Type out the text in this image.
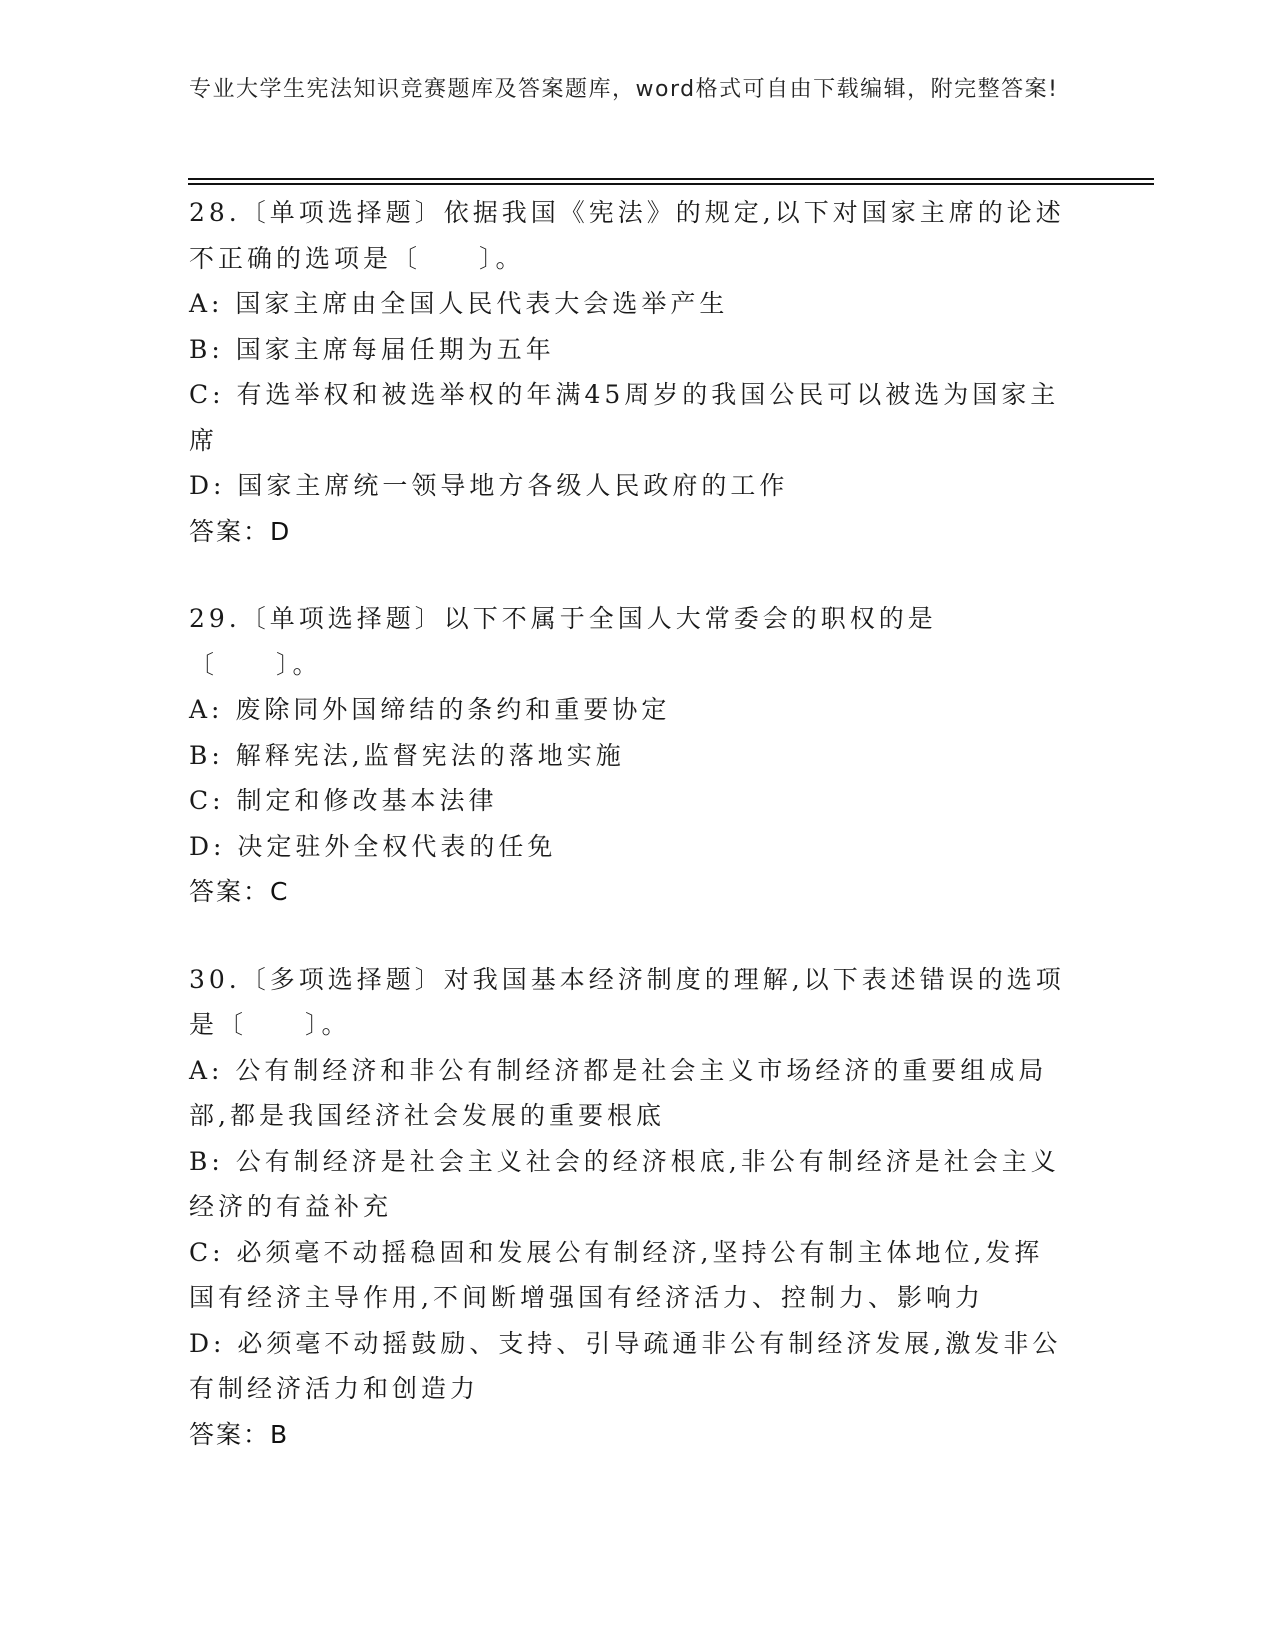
专业大学生宪法知识竞赛题库及答案题库，word格式可自由下载编辑，附完整答案!

28.〔单项选择题〕依据我国《宪法》的规定,以下对国家主席的论述不正确的选项是〔　　〕。

A: 国家主席由全国人民代表大会选举产生

B: 国家主席每届任期为五年

C: 有选举权和被选举权的年满45周岁的我国公民可以被选为国家主席

D: 国家主席统一领导地方各级人民政府的工作

答案：D

29.〔单项选择题〕以下不属于全国人大常委会的职权的是〔　　〕。

A: 废除同外国缔结的条约和重要协定

B: 解释宪法,监督宪法的落地实施

C: 制定和修改基本法律

D: 决定驻外全权代表的任免

答案：C

30.〔多项选择题〕对我国基本经济制度的理解,以下表述错误的选项是〔　　〕。

A: 公有制经济和非公有制经济都是社会主义市场经济的重要组成局部,都是我国经济社会发展的重要根底

B: 公有制经济是社会主义社会的经济根底,非公有制经济是社会主义经济的有益补充

C: 必须毫不动摇稳固和发展公有制经济,坚持公有制主体地位,发挥国有经济主导作用,不间断增强国有经济活力、控制力、影响力

D: 必须毫不动摇鼓励、支持、引导疏通非公有制经济发展,激发非公有制经济活力和创造力

答案：B
